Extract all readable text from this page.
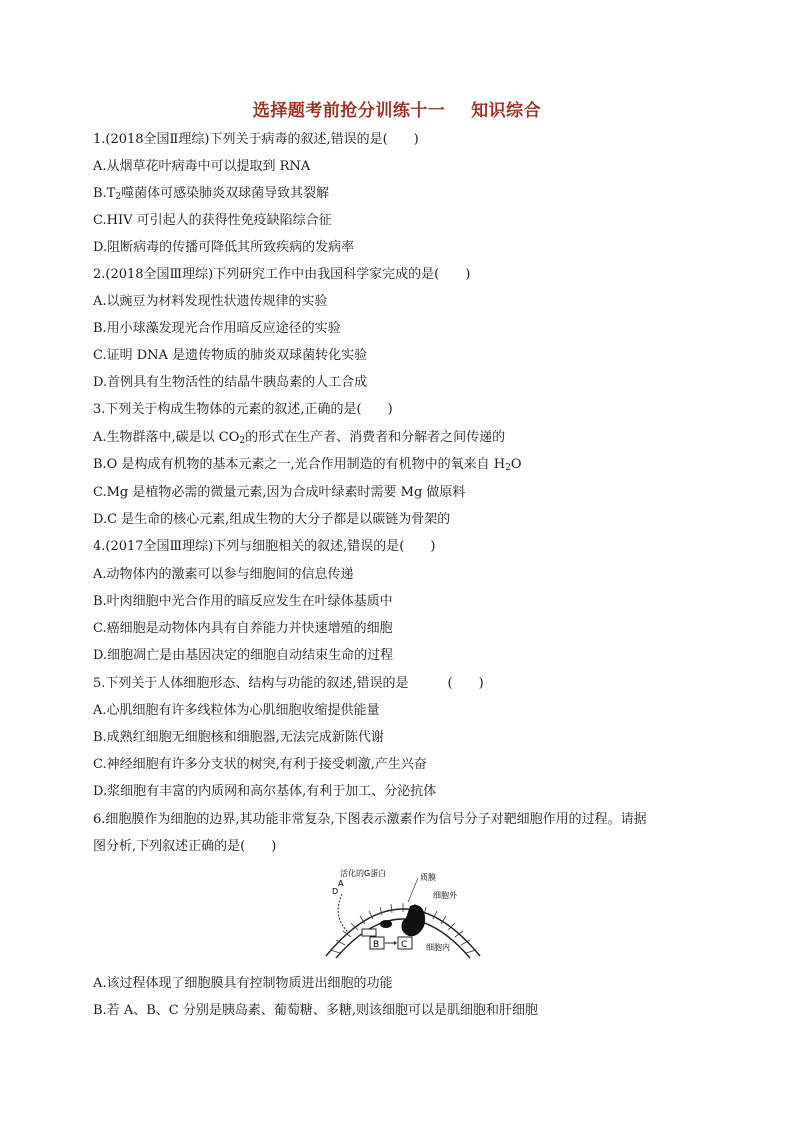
选择题考前抢分训练十一    知识综合
1.(2018全国Ⅱ理综)下列关于病毒的叙述,错误的是(　　)
A.从烟草花叶病毒中可以提取到 RNA
$B.T_2$噬菌体可感染肺炎双球菌导致其裂解
C.HIV 可引起人的获得性免疫缺陷综合征
D.阻断病毒的传播可降低其所致疾病的发病率
2.(2018全国Ⅲ理综)下列研究工作中由我国科学家完成的是(　　)
A.以豌豆为材料发现性状遗传规律的实验
B.用小球藻发现光合作用暗反应途径的实验
C.证明 DNA 是遗传物质的肺炎双球菌转化实验
D.首例具有生物活性的结晶牛胰岛素的人工合成
3.下列关于构成生物体的元素的叙述,正确的是(　　)
A.生物群落中,碳是以 $CO_2$的形式在生产者、消费者和分解者之间传递的
B.O 是构成有机物的基本元素之一,光合作用制造的有机物中的氧来自 $H_2O$
C.Mg 是植物必需的微量元素,因为合成叶绿素时需要 Mg 做原料
D.C 是生命的核心元素,组成生物的大分子都是以碳链为骨架的
4.(2017全国Ⅲ理综)下列与细胞相关的叙述,错误的是(　　)
A.动物体内的激素可以参与细胞间的信息传递
B.叶肉细胞中光合作用的暗反应发生在叶绿体基质中
C.癌细胞是动物体内具有自养能力并快速增殖的细胞
D.细胞凋亡是由基因决定的细胞自动结束生命的过程
5.下列关于人体细胞形态、结构与功能的叙述,错误的是　　　(　　)
A.心肌细胞有许多线粒体为心肌细胞收缩提供能量
B.成熟红细胞无细胞核和细胞器,无法完成新陈代谢
C.神经细胞有许多分支状的树突,有利于接受刺激,产生兴奋
D.浆细胞有丰富的内质网和高尔基体,有利于加工、分泌抗体
6.细胞膜作为细胞的边界,其功能非常复杂,下图表示激素作为信号分子对靶细胞作用的过程。请据
图分析,下列叙述正确的是(　　)
B C
活化的G蛋白
A
D
质膜
细胞外
细胞内
A.该过程体现了细胞膜具有控制物质进出细胞的功能
B.若 A、B、C 分别是胰岛素、葡萄糖、多糖,则该细胞可以是肌细胞和肝细胞
